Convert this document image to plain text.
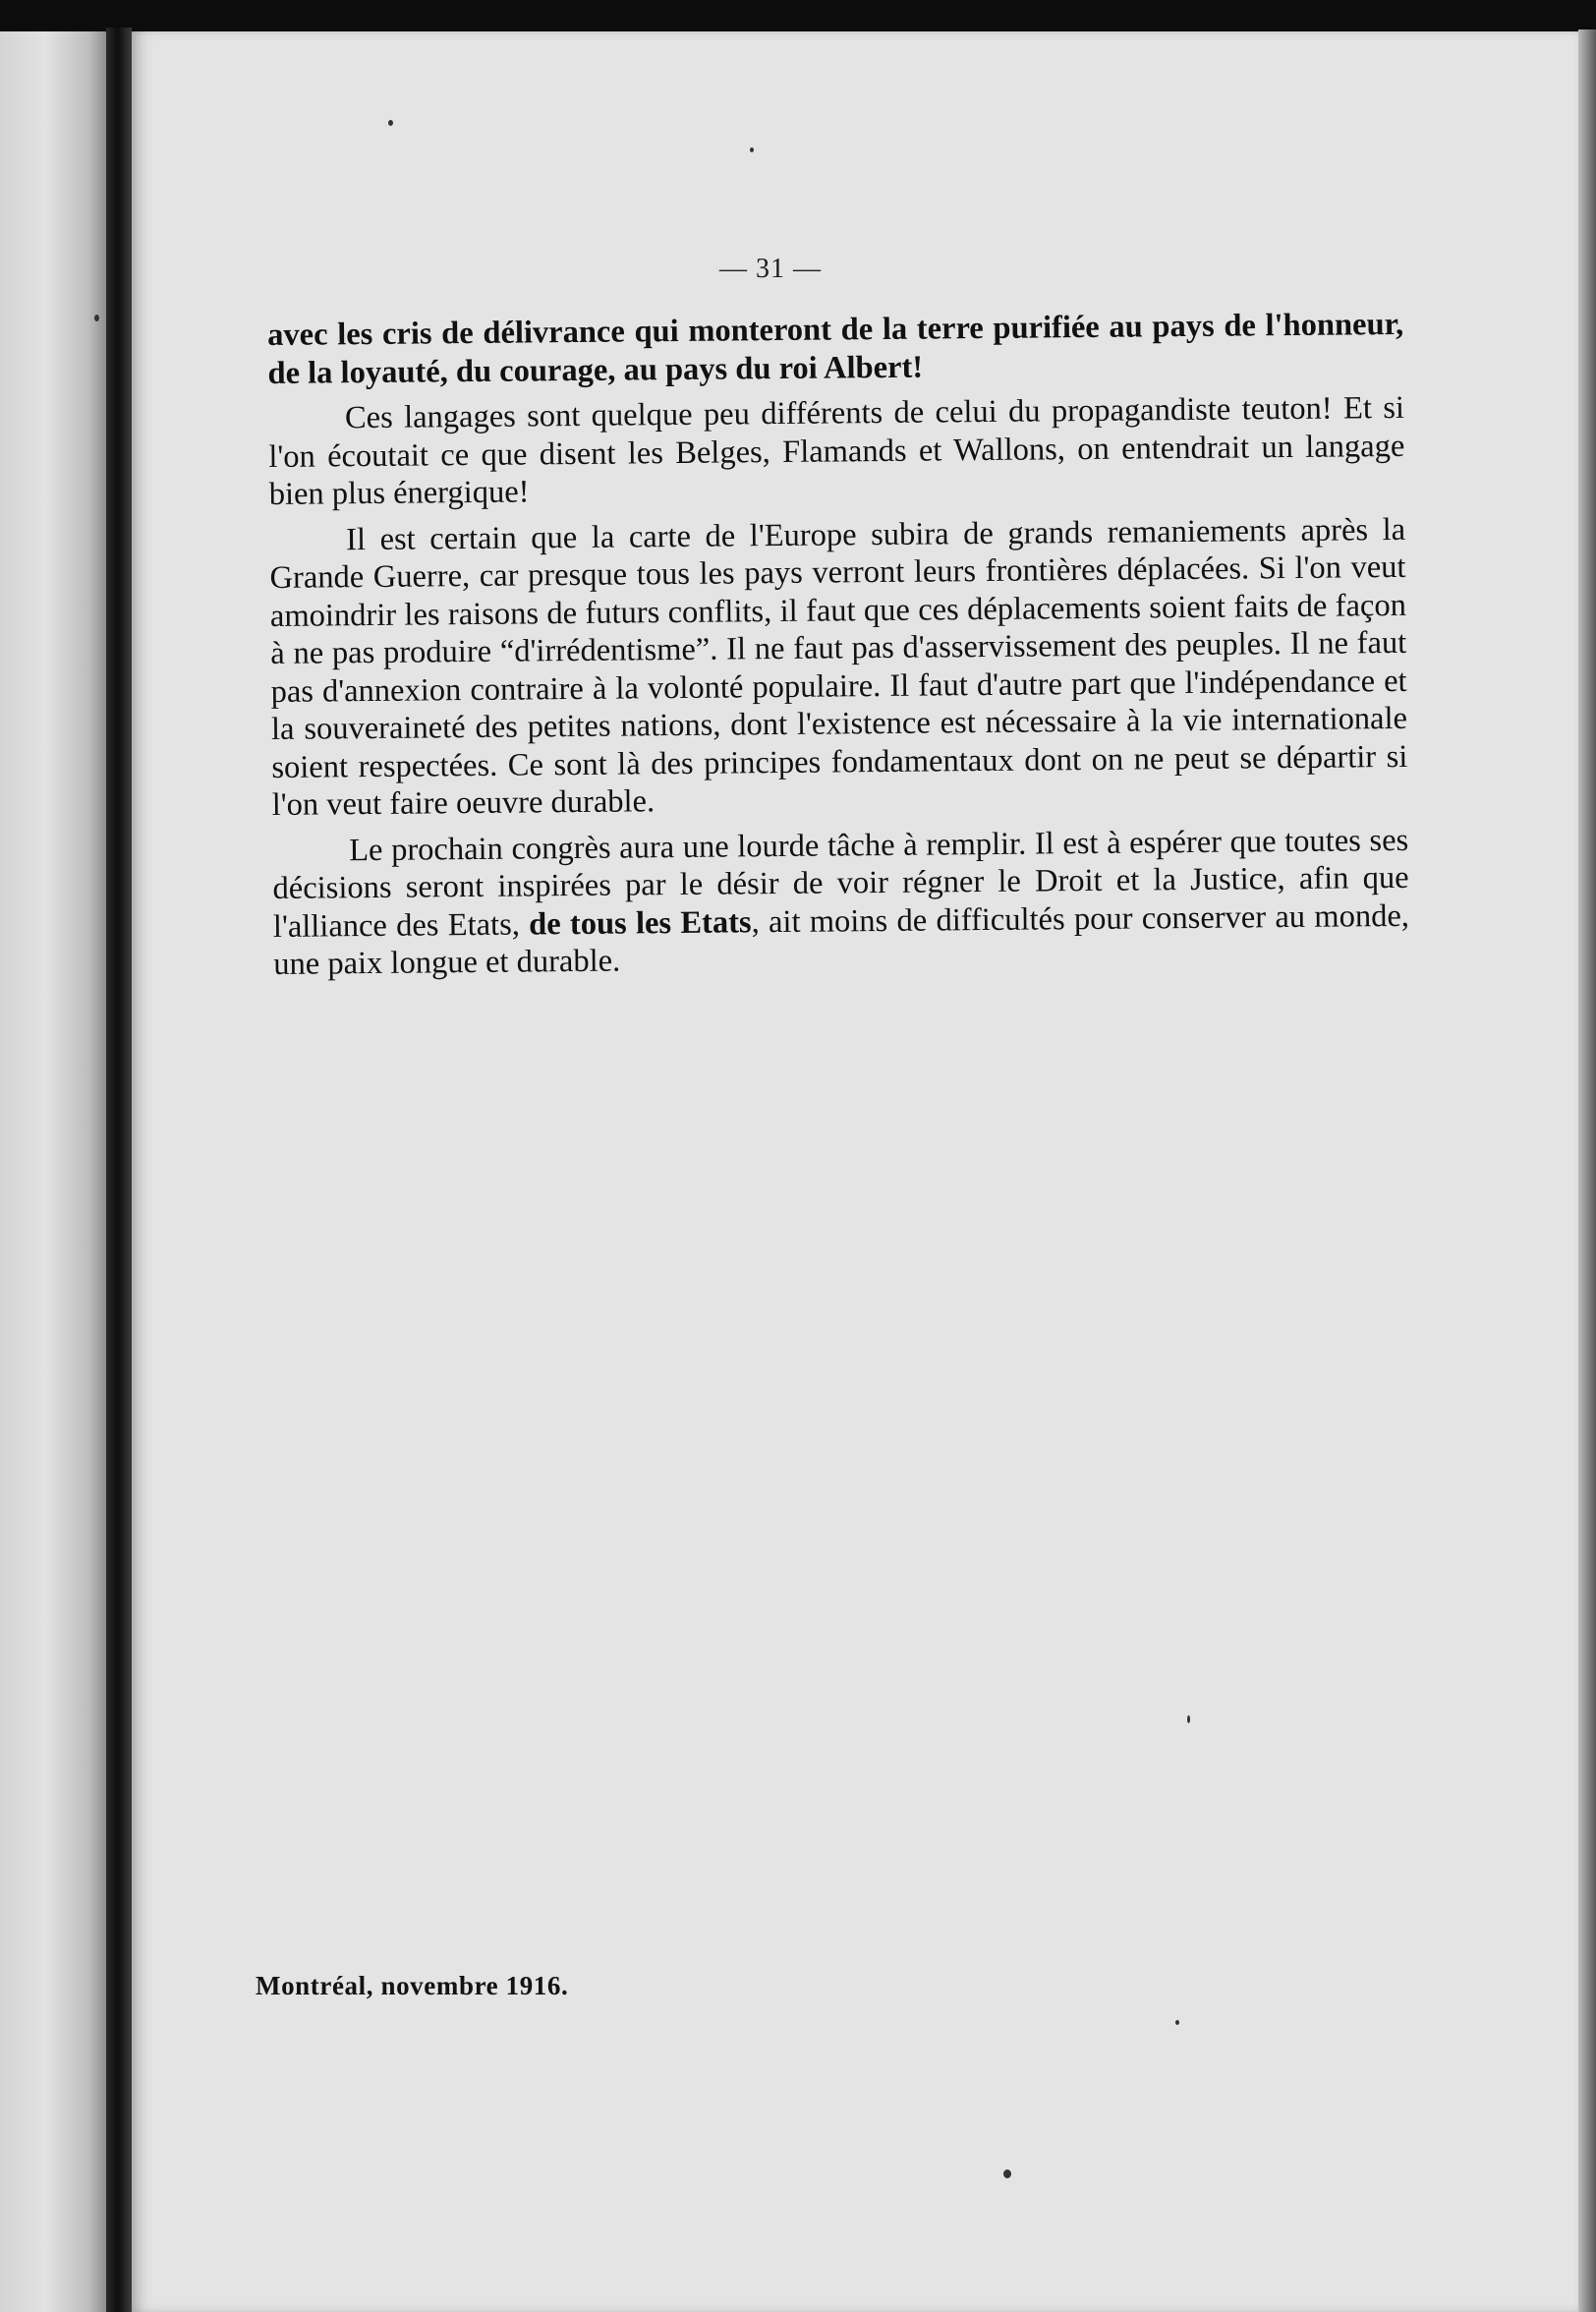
— 31 —

avec les cris de délivrance qui monteront de la terre purifiée au pays de l'honneur, de la loyauté, du courage, au pays du roi Albert!

Ces langages sont quelque peu différents de celui du propagandiste teuton! Et si l'on écoutait ce que disent les Belges, Flamands et Wallons, on entendrait un langage bien plus énergique!

Il est certain que la carte de l'Europe subira de grands remaniements après la Grande Guerre, car presque tous les pays verront leurs frontières déplacées. Si l'on veut amoindrir les raisons de futurs conflits, il faut que ces déplacements soient faits de façon à ne pas produire “d'irrédentisme”. Il ne faut pas d'asservissement des peuples. Il ne faut pas d'annexion contraire à la volonté populaire. Il faut d'autre part que l'indépendance et la souveraineté des petites nations, dont l'existence est nécessaire à la vie internationale soient respectées. Ce sont là des principes fondamentaux dont on ne peut se départir si l'on veut faire oeuvre durable.

Le prochain congrès aura une lourde tâche à remplir. Il est à espérer que toutes ses décisions seront inspirées par le désir de voir régner le Droit et la Justice, afin que l'alliance des Etats, de tous les Etats, ait moins de difficultés pour conserver au monde, une paix longue et durable.

Montréal, novembre 1916.
